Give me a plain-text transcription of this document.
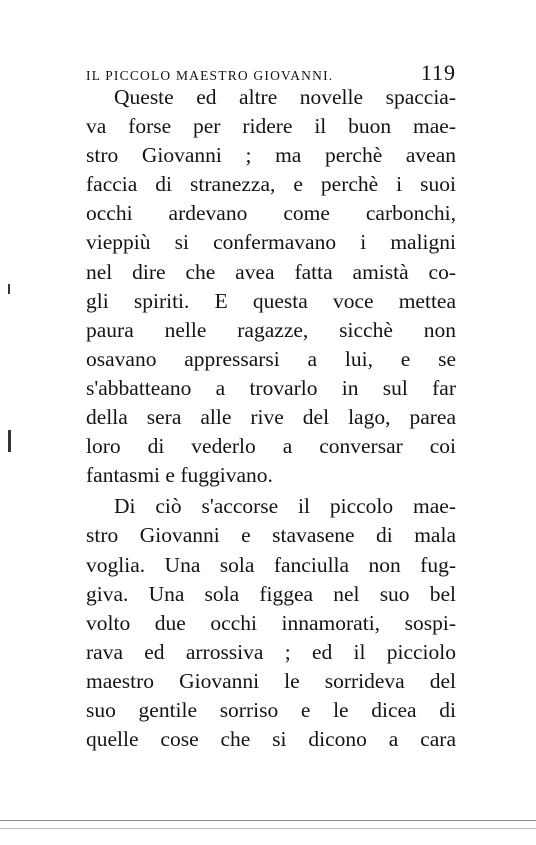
IL PICCOLO MAESTRO GIOVANNI.	119
Queste ed altre novelle spaccia-
va forse per ridere il buon mae-
stro Giovanni ; ma perchè avean
faccia di stranezza, e perchè i suoi
occhi ardevano come carbonchi,
vieppiù si confermavano i maligni
nel dire che avea fatta amistà co-
gli spiriti. E questa voce mettea
paura nelle ragazze, sicchè non
osavano appressarsi a lui, e se
s'abbatteano a trovarlo in sul far
della sera alle rive del lago, parea
loro di vederlo a conversar coi
fantasmi e fuggivano.
Di ciò s'accorse il piccolo mae-
stro Giovanni e stavasene di mala
voglia. Una sola fanciulla non fug-
giva. Una sola figgea nel suo bel
volto due occhi innamorati, sospi-
rava ed arrossiva ; ed il picciolo
maestro Giovanni le sorrideva del
suo gentile sorriso e le dicea di
quelle cose che si dicono a cara
